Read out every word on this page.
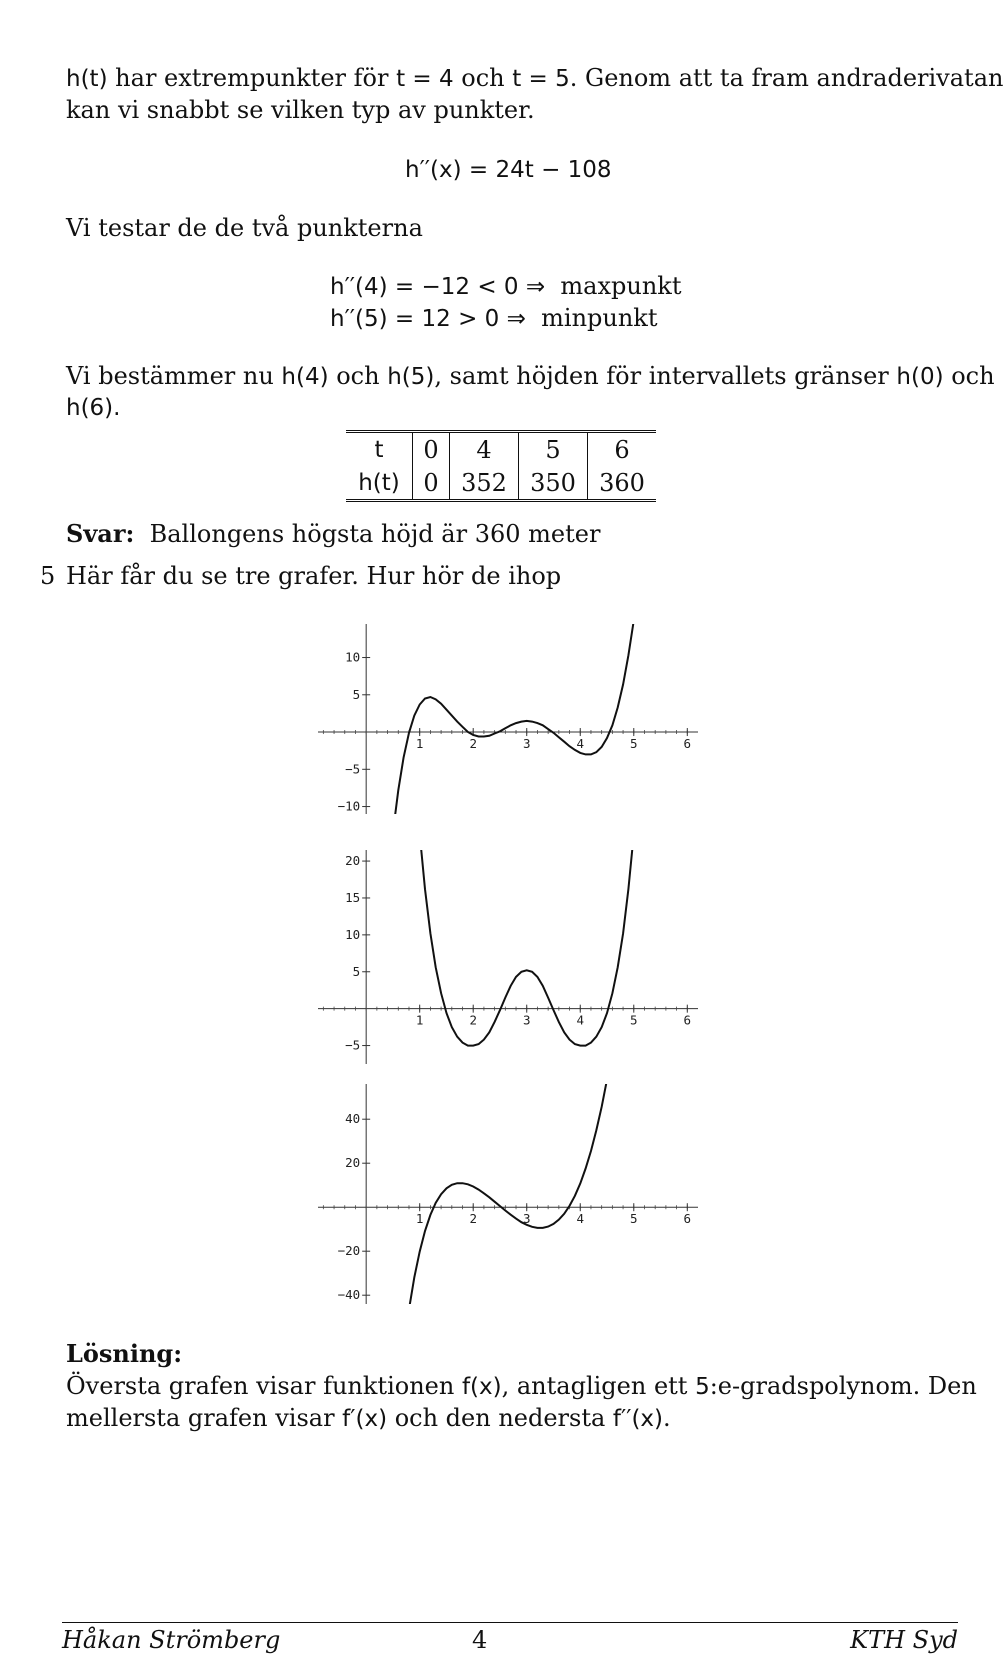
h(t) har extrempunkter för t = 4 och t = 5. Genom att ta fram andraderivatan
kan vi snabbt se vilken typ av punkter.
h′′(x) = 24t − 108
Vi testar de de två punkterna
h′′(4) = −12 < 0 ⇒ maxpunkt
h′′(5) = 12 > 0 ⇒ minpunkt
Vi bestämmer nu h(4) och h(5), samt höjden för intervallets gränser h(0) och
h(6).
t	0	4	5	6
h(t)	0	352	350	360
Svar: Ballongens högsta höjd är 360 meter
5 Här får du se tre grafer. Hur hör de ihop
1	2	3	4	5	6
10
5
−5
−10
1	2	3	4	5	6
20
15
10
5
−5
1	2	3	4	5	6
40
20
−20
−40
Lösning:
Översta grafen visar funktionen f(x), antagligen ett 5:e-gradspolynom. Den
mellersta grafen visar f′(x) och den nedersta f′′(x).
Håkan Strömberg	4	KTH Syd
